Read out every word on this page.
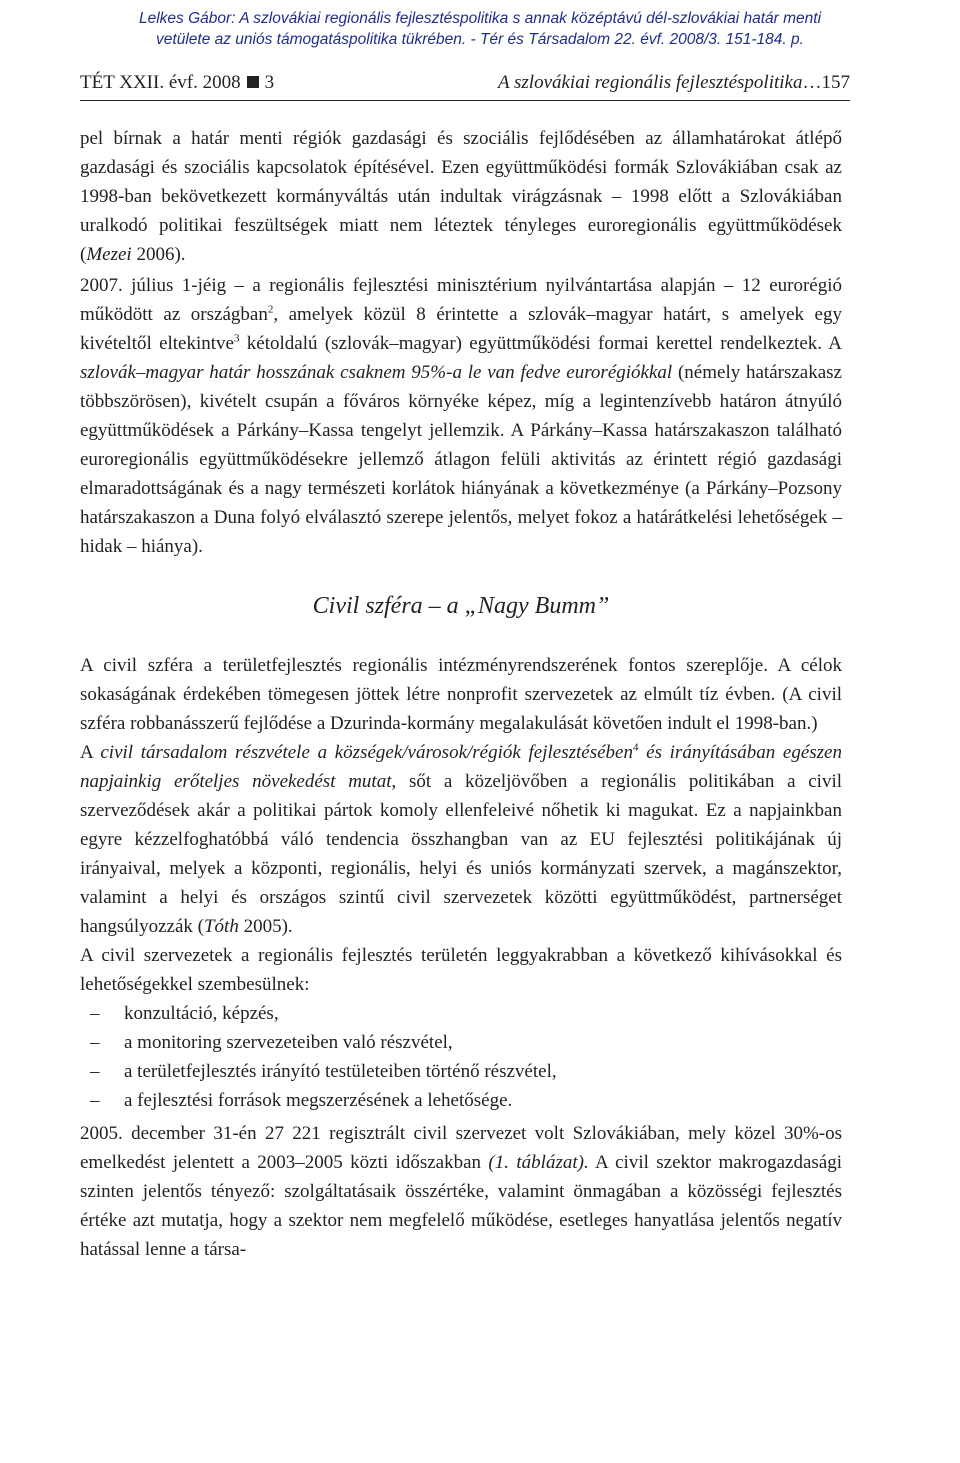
Lelkes Gábor: A szlovákiai regionális fejlesztéspolitika s annak középtávú dél-szlovákiai határ menti
vetülete az uniós támogatáspolitika tükrében. - Tér és Társadalom 22. évf. 2008/3. 151-184. p.
TÉT XXII. évf. 2008 3	A szlovákiai regionális fejlesztéspolitika…157

pel bírnak a határ menti régiók gazdasági és szociális fejlődésében az államhatárokat átlépő gazdasági és szociális kapcsolatok építésével. Ezen együttműködési formák Szlovákiában csak az 1998-ban bekövetkezett kormányváltás után indultak virágzásnak – 1998 előtt a Szlovákiában uralkodó politikai feszültségek miatt nem léteztek tényleges euroregionális együttműködések (Mezei 2006).

2007. július 1-jéig – a regionális fejlesztési minisztérium nyilvántartása alapján – 12 eurorégió működött az országban$^2$, amelyek közül 8 érintette a szlovák–magyar határt, s amelyek egy kivételtől eltekintve$^3$ kétoldalú (szlovák–magyar) együttműködési formai kerettel rendelkeztek. A szlovák–magyar határ hosszának csaknem 95%-a le van fedve eurorégiókkal (némely határszakasz többszörösen), kivételt csupán a főváros környéke képez, míg a legintenzívebb határon átnyúló együttműködések a Párkány–Kassa tengelyt jellemzik. A Párkány–Kassa határszakaszon található euroregionális együttműködésekre jellemző átlagon felüli aktivitás az érintett régió gazdasági elmaradottságának és a nagy természeti korlátok hiányának a következménye (a Párkány–Pozsony határszakaszon a Duna folyó elválasztó szerepe jelentős, melyet fokoz a határátkelési lehetőségek – hidak – hiánya).

Civil szféra – a „Nagy Bumm”

A civil szféra a területfejlesztés regionális intézményrendszerének fontos szereplője. A célok sokaságának érdekében tömegesen jöttek létre nonprofit szervezetek az elmúlt tíz évben. (A civil szféra robbanásszerű fejlődése a Dzurinda-kormány megalakulását követően indult el 1998-ban.)

A civil társadalom részvétele a községek/városok/régiók fejlesztésében$^4$ és irányításában egészen napjainkig erőteljes növekedést mutat, sőt a közeljövőben a regionális politikában a civil szerveződések akár a politikai pártok komoly ellenfeleivé nőhetik ki magukat. Ez a napjainkban egyre kézzelfoghatóbbá váló tendencia összhangban van az EU fejlesztési politikájának új irányaival, melyek a központi, regionális, helyi és uniós kormányzati szervek, a magánszektor, valamint a helyi és országos szintű civil szervezetek közötti együttműködést, partnerséget hangsúlyozzák (Tóth 2005).

A civil szervezetek a regionális fejlesztés területén leggyakrabban a következő kihívásokkal és lehetőségekkel szembesülnek:

– konzultáció, képzés,
– a monitoring szervezeteiben való részvétel,
– a területfejlesztés irányító testületeiben történő részvétel,
– a fejlesztési források megszerzésének a lehetősége.

2005. december 31-én 27 221 regisztrált civil szervezet volt Szlovákiában, mely közel 30%-os emelkedést jelentett a 2003–2005 közti időszakban (1. táblázat). A civil szektor makrogazdasági szinten jelentős tényező: szolgáltatásaik összértéke, valamint önmagában a közösségi fejlesztés értéke azt mutatja, hogy a szektor nem megfelelő működése, esetleges hanyatlása jelentős negatív hatással lenne a társa-
